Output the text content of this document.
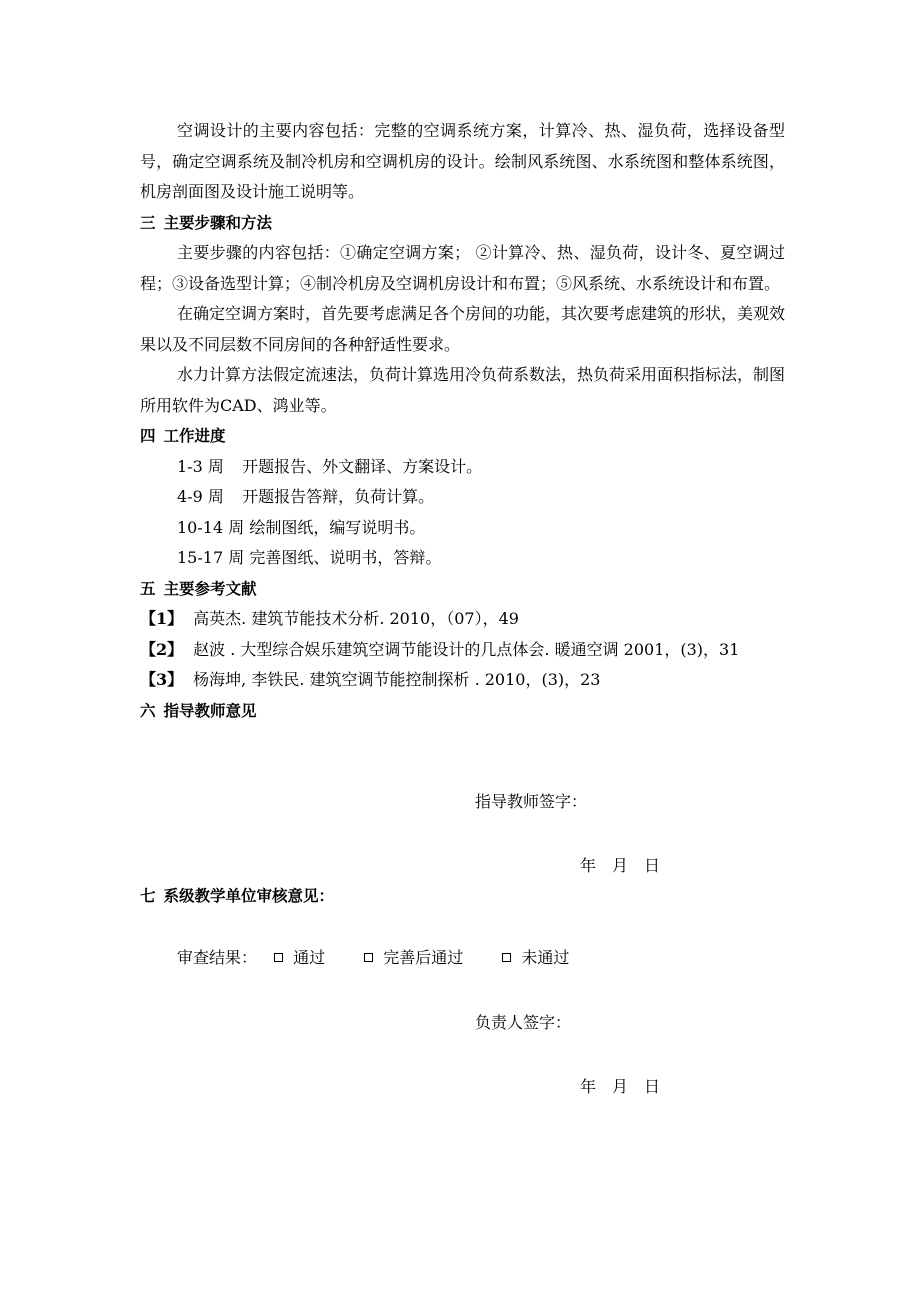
空调设计的主要内容包括：完整的空调系统方案，计算冷、热、湿负荷，选择设备型号，确定空调系统及制冷机房和空调机房的设计。绘制风系统图、水系统图和整体系统图，机房剖面图及设计施工说明等。

三 主要步骤和方法

主要步骤的内容包括：①确定空调方案； ②计算冷、热、湿负荷，设计冬、夏空调过程；③设备选型计算；④制冷机房及空调机房设计和布置；⑤风系统、水系统设计和布置。

在确定空调方案时，首先要考虑满足各个房间的功能，其次要考虑建筑的形状，美观效果以及不同层数不同房间的各种舒适性要求。

水力计算方法假定流速法，负荷计算选用冷负荷系数法，热负荷采用面积指标法，制图所用软件为CAD、鸿业等。

四 工作进度

1-3 周 开题报告、外文翻译、方案设计。

4-9 周 开题报告答辩，负荷计算。

10-14 周 绘制图纸，编写说明书。

15-17 周 完善图纸、说明书，答辩。

五 主要参考文献

【1】 高英杰. 建筑节能技术分析. 2010，（07），49

【2】 赵波 . 大型综合娱乐建筑空调节能设计的几点体会. 暖通空调 2001，(3)，31

【3】 杨海坤, 李铁民. 建筑空调节能控制探析 . 2010，(3)，23

六 指导教师意见

指导教师签字：

年 月 日

七 系级教学单位审核意见：

审查结果： 通过	完善后通过	未通过

负责人签字：

年 月 日
